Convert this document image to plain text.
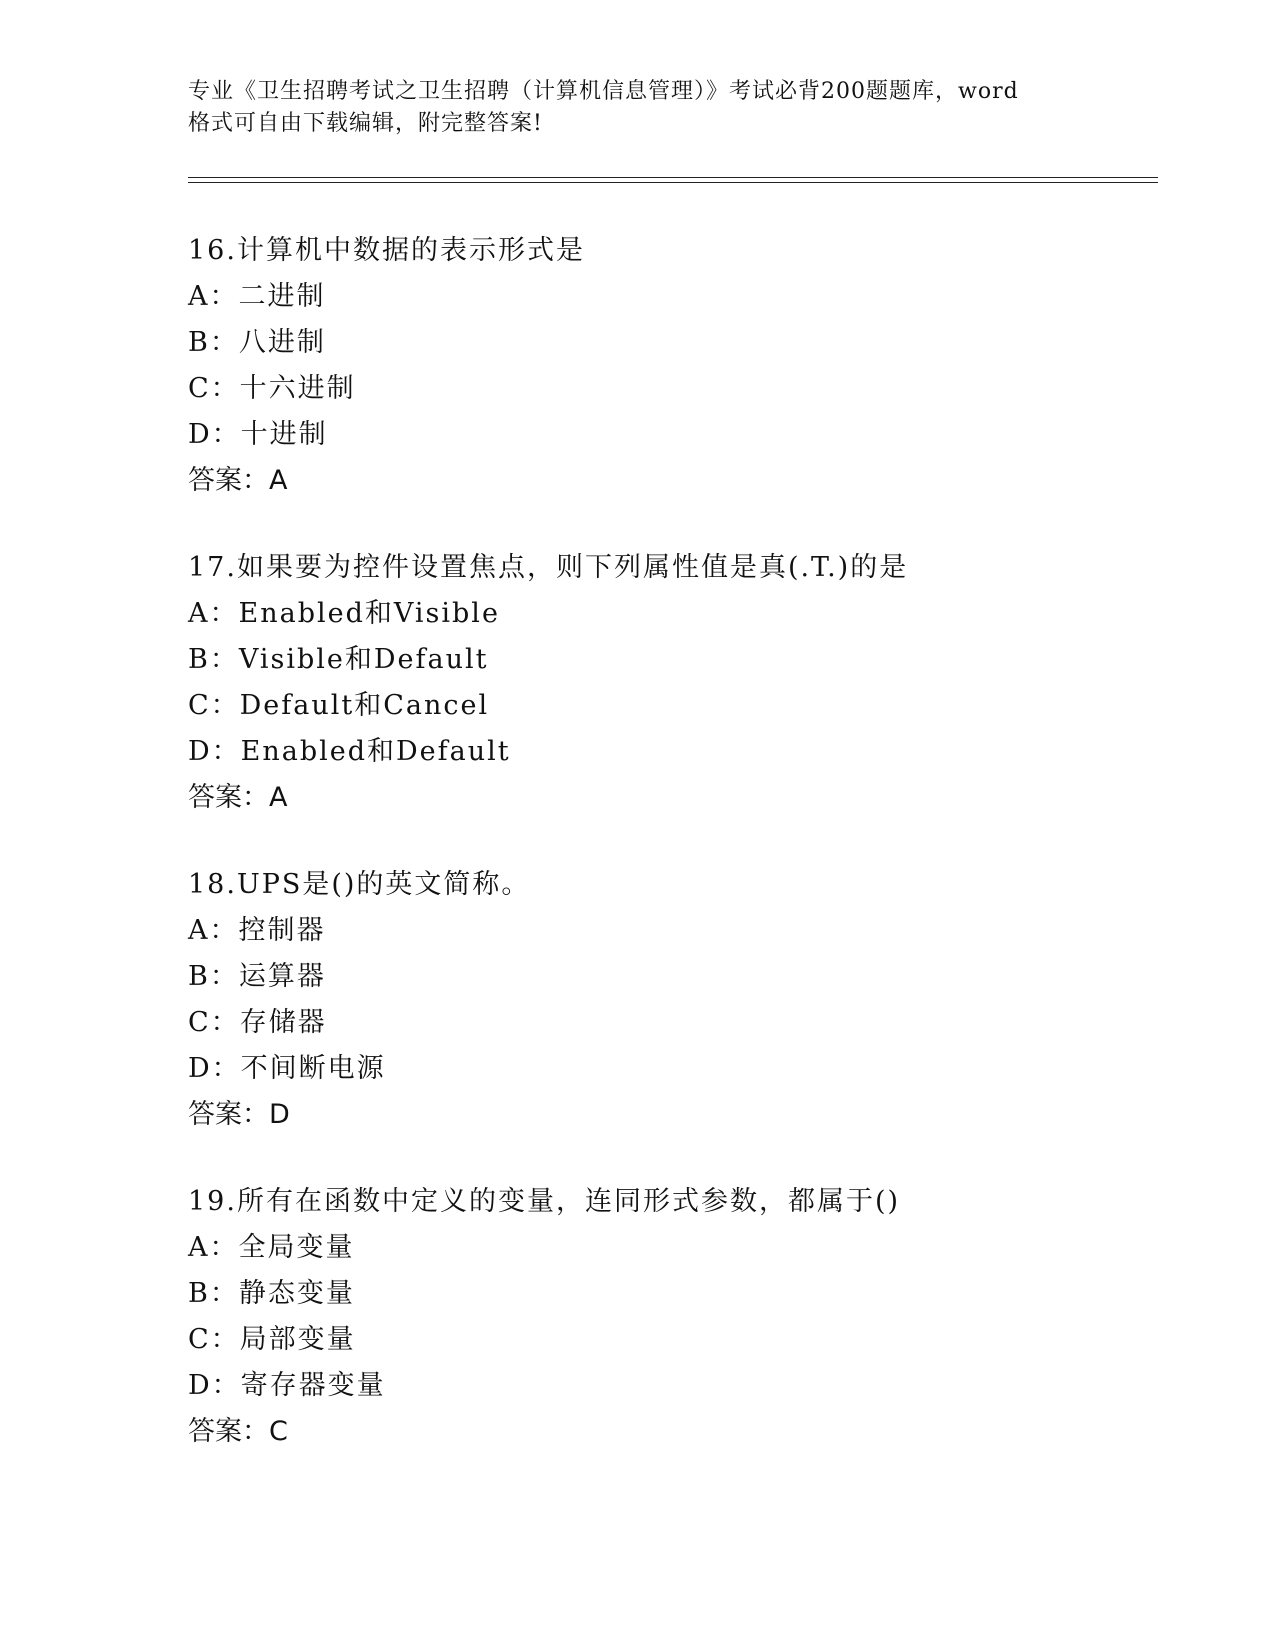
专业《卫生招聘考试之卫生招聘（计算机信息管理）》考试必背200题题库，word
格式可自由下载编辑，附完整答案!
16.计算机中数据的表示形式是
A：二进制
B：八进制
C：十六进制
D：十进制
答案：A
17.如果要为控件设置焦点，则下列属性值是真(.T.)的是
A：Enabled和Visible
B：Visible和Default
C：Default和Cancel
D：Enabled和Default
答案：A
18.UPS是()的英文简称。
A：控制器
B：运算器
C：存储器
D：不间断电源
答案：D
19.所有在函数中定义的变量，连同形式参数，都属于()
A：全局变量
B：静态变量
C：局部变量
D：寄存器变量
答案：C
